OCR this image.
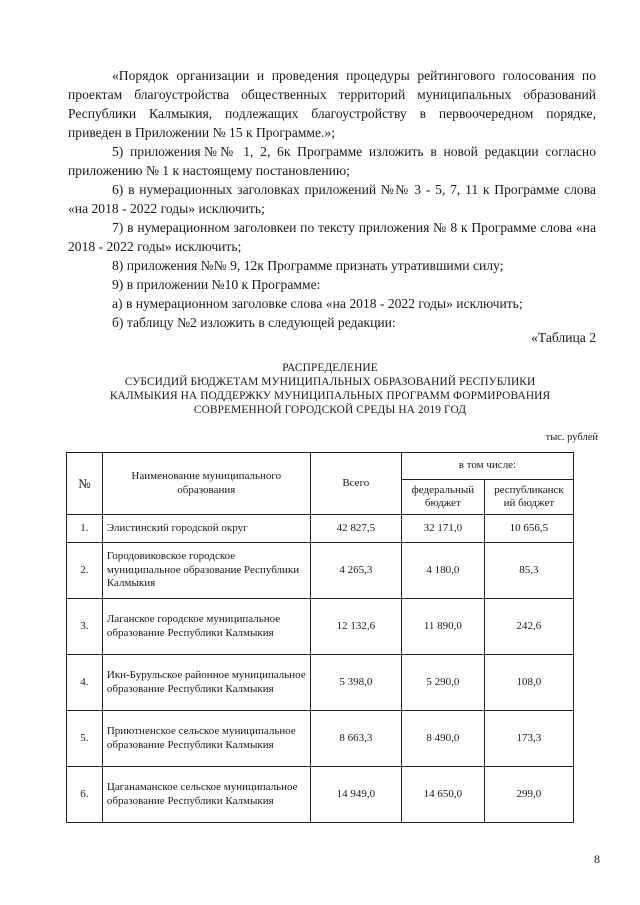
«Порядок организации и проведения процедуры рейтингового голосования по проектам благоустройства общественных территорий муниципальных образований Республики Калмыкия, подлежащих благоустройству в первоочередном порядке, приведен в Приложении № 15 к Программе.»;
5) приложения№№ 1, 2, 6к Программе изложить в новой редакции согласно приложению № 1 к настоящему постановлению;
6) в нумерационных заголовках приложений №№ 3 - 5, 7, 11 к Программе слова «на 2018 - 2022 годы» исключить;
7) в нумерационном заголовкеи по тексту приложения № 8 к Программе слова «на 2018 - 2022 годы» исключить;
8) приложения №№ 9, 12к Программе признать утратившими силу;
9) в приложении №10 к Программе:
а) в нумерационном заголовке слова «на 2018 - 2022 годы» исключить;
б) таблицу №2 изложить в следующей редакции:
«Таблица 2
РАСПРЕДЕЛЕНИЕ
СУБСИДИЙ БЮДЖЕТАМ МУНИЦИПАЛЬНЫХ ОБРАЗОВАНИЙ РЕСПУБЛИКИ
КАЛМЫКИЯ НА ПОДДЕРЖКУ МУНИЦИПАЛЬНЫХ ПРОГРАММ ФОРМИРОВАНИЯ
СОВРЕМЕННОЙ ГОРОДСКОЙ СРЕДЫ НА 2019 ГОД
тыс. рублей
№	Наименование муниципального образования	Всего	в том числе:	
			федеральный бюджет	республиканск ий бюджет
1.	Элистинский городской округ	42 827,5	32 171,0	10 656,5
2.	Городовиковское городское муниципальное образование Республики Калмыкия	4 265,3	4 180,0	85,3
3.	Лаганское городское муниципальное образование Республики Калмыкия	12 132,6	11 890,0	242,6
4.	Ики-Бурульское районное муниципальное образование Республики Калмыкия	5 398,0	5 290,0	108,0
5.	Приютненское сельское муниципальное образование Республики Калмыкия	8 663,3	8 490,0	173,3
6.	Цаганаманское сельское муниципальное образование Республики Калмыкия	14 949,0	14 650,0	299,0
8
